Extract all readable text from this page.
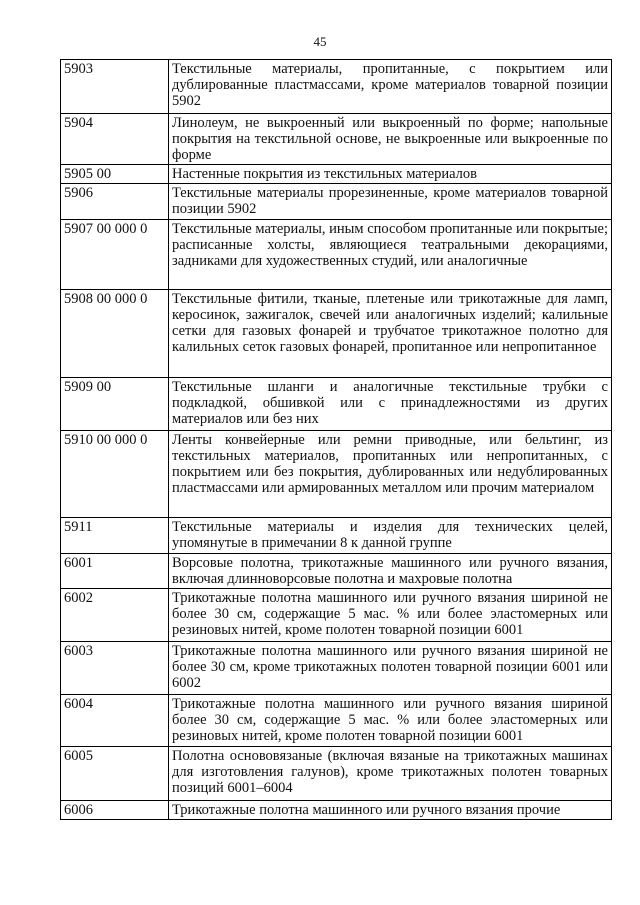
45
5903	Текстильные материалы, пропитанные, с покрытием или дублированные пластмассами, кроме материалов товарной позиции 5902
5904	Линолеум, не выкроенный или выкроенный по форме; напольные покрытия на текстильной основе, не выкроенные или выкроенные по форме
5905 00	Настенные покрытия из текстильных материалов
5906	Текстильные материалы прорезиненные, кроме материалов товарной позиции 5902
5907 00 000 0	Текстильные материалы, иным способом пропитанные или покрытые; расписанные холсты, являющиеся театральными декорациями, задниками для художественных студий, или аналогичные
5908 00 000 0	Текстильные фитили, тканые, плетеные или трикотажные для ламп, керосинок, зажигалок, свечей или аналогичных изделий; калильные сетки для газовых фонарей и трубчатое трикотажное полотно для калильных сеток газовых фонарей, пропитанное или непропитанное
5909 00	Текстильные шланги и аналогичные текстильные трубки с подкладкой, обшивкой или с принадлежностями из других материалов или без них
5910 00 000 0	Ленты конвейерные или ремни приводные, или бельтинг, из текстильных материалов, пропитанных или непропитанных, с покрытием или без покрытия, дублированных или недублированных пластмассами или армированных металлом или прочим материалом
5911	Текстильные материалы и изделия для технических целей, упомянутые в примечании 8 к данной группе
6001	Ворсовые полотна, трикотажные машинного или ручного вязания, включая длинноворсовые полотна и махровые полотна
6002	Трикотажные полотна машинного или ручного вязания шириной не более 30 см, содержащие 5 мас. % или более эластомерных или резиновых нитей, кроме полотен товарной позиции 6001
6003	Трикотажные полотна машинного или ручного вязания шириной не более 30 см, кроме трикотажных полотен товарной позиции 6001 или 6002
6004	Трикотажные полотна машинного или ручного вязания шириной более 30 см, содержащие 5 мас. % или более эластомерных или резиновых нитей, кроме полотен товарной позиции 6001
6005	Полотна основовязаные (включая вязаные на трикотажных машинах для изготовления галунов), кроме трикотажных полотен товарных позиций 6001–6004
6006	Трикотажные полотна машинного или ручного вязания прочие
